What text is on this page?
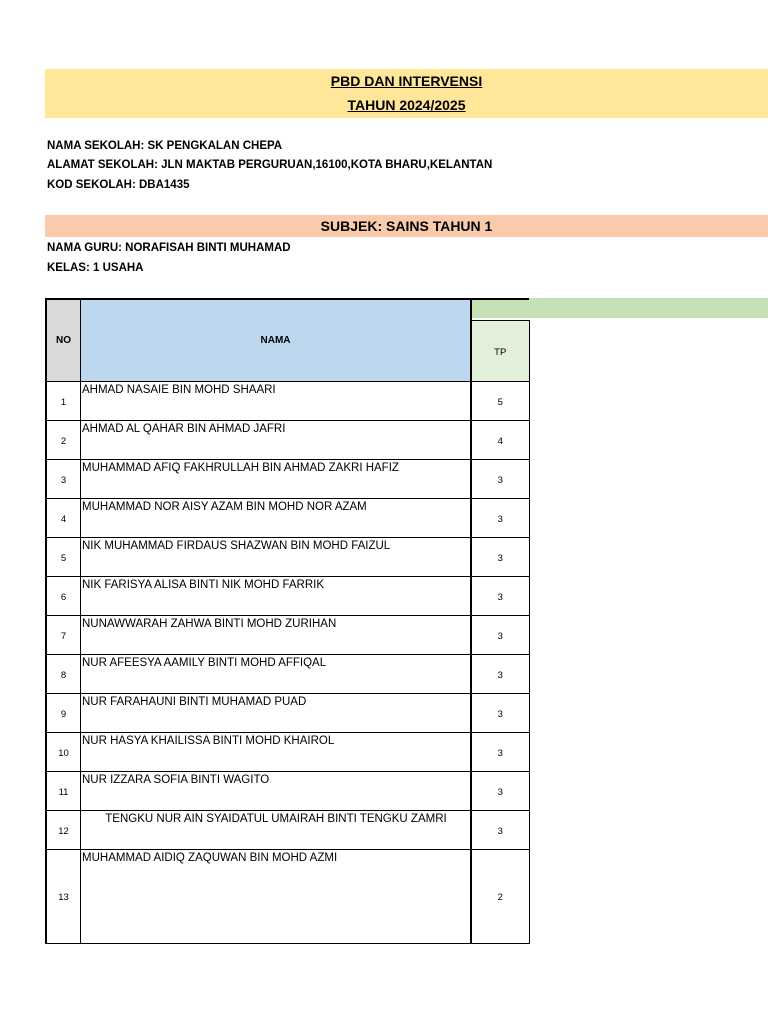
PBD DAN INTERVENSI
TAHUN 2024/2025
NAMA SEKOLAH: SK PENGKALAN CHEPA
ALAMAT SEKOLAH: JLN MAKTAB PERGURUAN,16100,KOTA BHARU,KELANTAN
KOD SEKOLAH: DBA1435
SUBJEK: SAINS TAHUN 1
NAMA GURU: NORAFISAH BINTI MUHAMAD
KELAS: 1 USAHA
NO	NAMA	
		TP
1	AHMAD NASAIE BIN MOHD SHAARI	5
2	AHMAD AL QAHAR BIN AHMAD JAFRI	4
3	MUHAMMAD AFIQ FAKHRULLAH BIN AHMAD ZAKRI HAFIZ	3
4	MUHAMMAD NOR AISY AZAM BIN MOHD NOR AZAM	3
5	NIK MUHAMMAD FIRDAUS SHAZWAN BIN MOHD FAIZUL	3
6	NIK FARISYA ALISA BINTI NIK MOHD FARRIK	3
7	NUNAWWARAH ZAHWA BINTI MOHD ZURIHAN	3
8	NUR AFEESYA AAMILY BINTI MOHD AFFIQAL	3
9	NUR FARAHAUNI BINTI MUHAMAD PUAD	3
10	NUR HASYA KHAILISSA BINTI MOHD KHAIROL	3
11	NUR IZZARA SOFIA BINTI WAGITO	3
12	TENGKU NUR AIN SYAIDATUL UMAIRAH BINTI TENGKU ZAMRI	3
13	MUHAMMAD AIDIQ ZAQUWAN BIN MOHD AZMI	2
